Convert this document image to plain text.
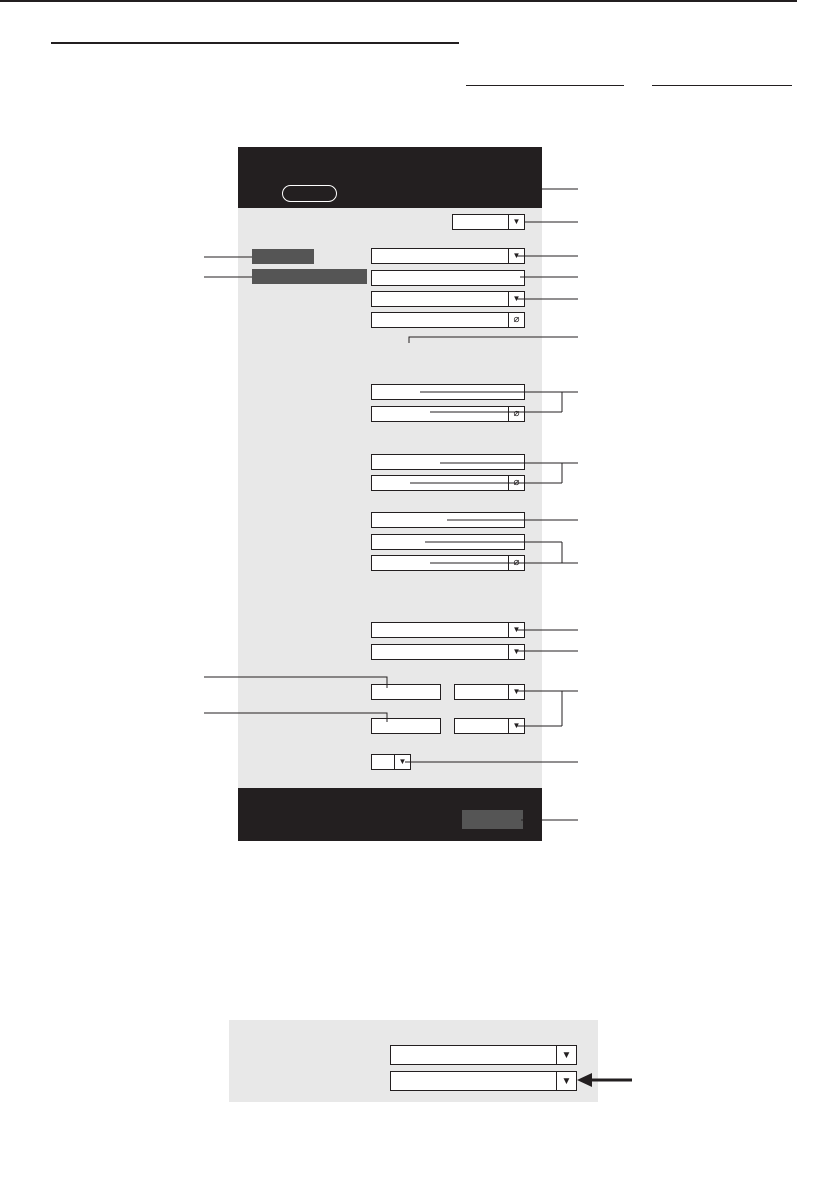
▼
▼
▼
⌀
⌀
⌀
⌀
▼
▼
▼
▼
▼
▼
▼
